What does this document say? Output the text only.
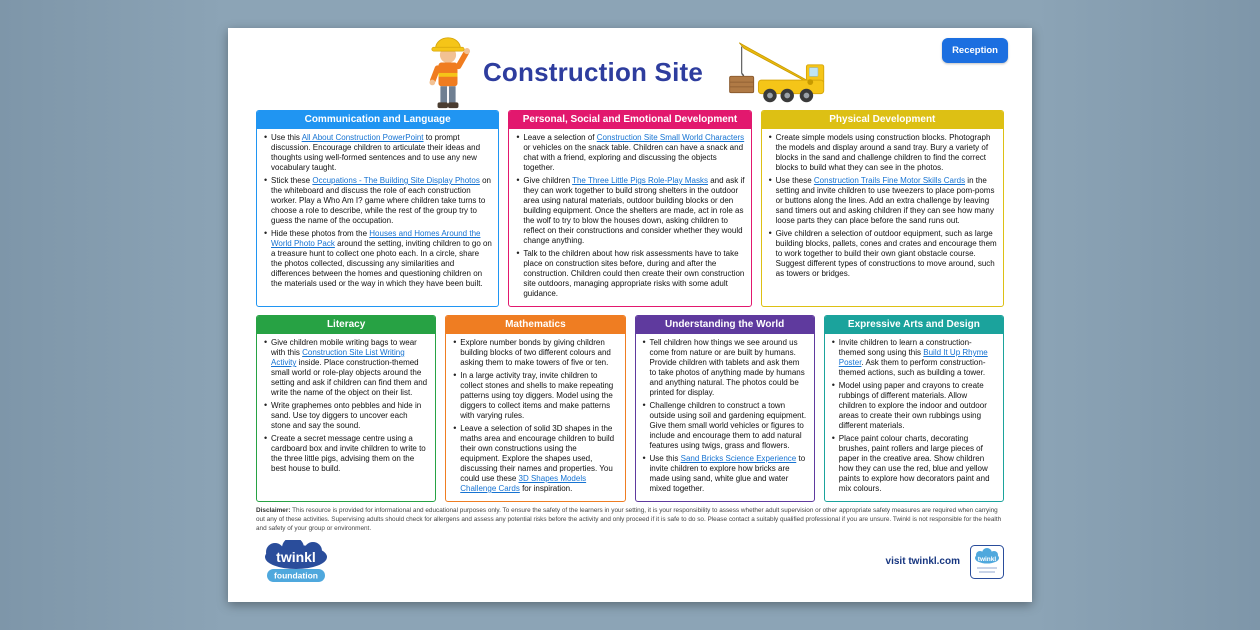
Reception
Construction Site
Communication and Language
• Use this All About Construction PowerPoint to prompt discussion. Encourage children to articulate their ideas and thoughts using well-formed sentences and to use any new vocabulary taught.
• Stick these Occupations - The Building Site Display Photos on the whiteboard and discuss the role of each construction worker. Play a Who Am I? game where children take turns to choose a role to describe, while the rest of the group try to guess the name of the occupation.
• Hide these photos from the Houses and Homes Around the World Photo Pack around the setting, inviting children to go on a treasure hunt to collect one photo each. In a circle, share the photos collected, discussing any similarities and differences between the homes and questioning children on the materials used or the way in which they have been built.
Personal, Social and Emotional Development
• Leave a selection of Construction Site Small World Characters or vehicles on the snack table. Children can have a snack and chat with a friend, exploring and discussing the objects together.
• Give children The Three Little Pigs Role-Play Masks and ask if they can work together to build strong shelters in the outdoor area using natural materials, outdoor building blocks or den building equipment. Once the shelters are made, act in role as the wolf to try to blow the houses down, asking children to reflect on their constructions and consider whether they would change anything.
• Talk to the children about how risk assessments have to take place on construction sites before, during and after the construction. Children could then create their own construction site outdoors, managing appropriate risks with some adult guidance.
Physical Development
• Create simple models using construction blocks. Photograph the models and display around a sand tray. Bury a variety of blocks in the sand and challenge children to find the correct blocks to build what they can see in the photos.
• Use these Construction Trails Fine Motor Skills Cards in the setting and invite children to use tweezers to place pom-poms or buttons along the lines. Add an extra challenge by leaving sand timers out and asking children if they can see how many loose parts they can place before the sand runs out.
• Give children a selection of outdoor equipment, such as large building blocks, pallets, cones and crates and encourage them to work together to build their own giant obstacle course. Suggest different types of constructions to move around, such as towers or bridges.
Literacy
• Give children mobile writing bags to wear with this Construction Site List Writing Activity inside. Place construction-themed small world or role-play objects around the setting and ask if children can find them and write the name of the object on their list.
• Write graphemes onto pebbles and hide in sand. Use toy diggers to uncover each stone and say the sound.
• Create a secret message centre using a cardboard box and invite children to write to the three little pigs, advising them on the best house to build.
Mathematics
• Explore number bonds by giving children building blocks of two different colours and asking them to make towers of five or ten.
• In a large activity tray, invite children to collect stones and shells to make repeating patterns using toy diggers. Model using the diggers to collect items and make patterns with varying rules.
• Leave a selection of solid 3D shapes in the maths area and encourage children to build their own constructions using the equipment. Explore the shapes used, discussing their names and properties. You could use these 3D Shapes Models Challenge Cards for inspiration.
Understanding the World
• Tell children how things we see around us come from nature or are built by humans. Provide children with tablets and ask them to take photos of anything made by humans and anything natural. The photos could be printed for display.
• Challenge children to construct a town outside using soil and gardening equipment. Give them small world vehicles or figures to include and encourage them to add natural features using twigs, grass and flowers.
• Use this Sand Bricks Science Experience to invite children to explore how bricks are made using sand, white glue and water mixed together.
Expressive Arts and Design
• Invite children to learn a construction-themed song using this Build It Up Rhyme Poster. Ask them to perform construction-themed actions, such as building a tower.
• Model using paper and crayons to create rubbings of different materials. Allow children to explore the indoor and outdoor areas to create their own rubbings using different materials.
• Place paint colour charts, decorating brushes, paint rollers and large pieces of paper in the creative area. Show children how they can use the red, blue and yellow paints to explore how decorators paint and mix colours.

Disclaimer: This resource is provided for informational and educational purposes only. To ensure the safety of the learners in your setting, it is your responsibility to assess whether adult supervision or other appropriate safety measures are required when carrying out any of these activities. Supervising adults should check for allergens and assess any potential risks before the activity and only proceed if it is safe to do so. Please contact a suitably qualified professional if you are unsure. Twinkl is not responsible for the health and safety of your group or environment.

twinkl
foundation
visit twinkl.com	twinkl
